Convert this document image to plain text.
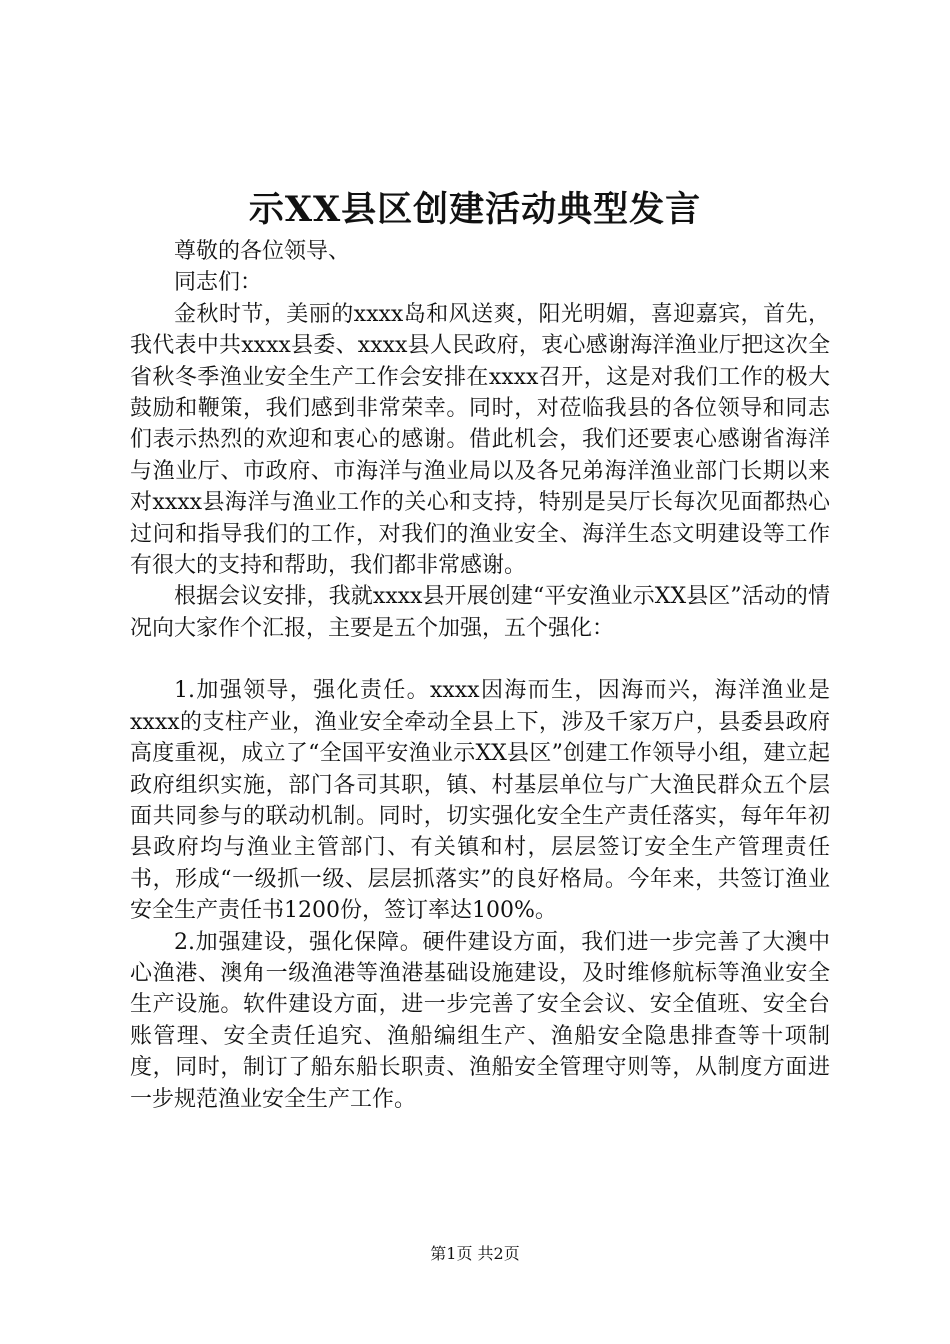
示XX县区创建活动典型发言

尊敬的各位领导、

同志们：

金秋时节，美丽的xxxx岛和风送爽，阳光明媚，喜迎嘉宾，首先，我代表中共xxxx县委、xxxx县人民政府，衷心感谢海洋渔业厅把这次全省秋冬季渔业安全生产工作会安排在xxxx召开，这是对我们工作的极大鼓励和鞭策，我们感到非常荣幸。同时，对莅临我县的各位领导和同志们表示热烈的欢迎和衷心的感谢。借此机会，我们还要衷心感谢省海洋与渔业厅、市政府、市海洋与渔业局以及各兄弟海洋渔业部门长期以来对xxxx县海洋与渔业工作的关心和支持，特别是吴厅长每次见面都热心过问和指导我们的工作，对我们的渔业安全、海洋生态文明建设等工作有很大的支持和帮助，我们都非常感谢。

根据会议安排，我就xxxx县开展创建“平安渔业示XX县区”活动的情况向大家作个汇报，主要是五个加强，五个强化：

1.加强领导，强化责任。xxxx因海而生，因海而兴，海洋渔业是xxxx的支柱产业，渔业安全牵动全县上下，涉及千家万户，县委县政府高度重视，成立了“全国平安渔业示XX县区”创建工作领导小组，建立起政府组织实施，部门各司其职，镇、村基层单位与广大渔民群众五个层面共同参与的联动机制。同时，切实强化安全生产责任落实，每年年初县政府均与渔业主管部门、有关镇和村，层层签订安全生产管理责任书，形成“一级抓一级、层层抓落实”的良好格局。今年来，共签订渔业安全生产责任书1200份，签订率达100%。

2.加强建设，强化保障。硬件建设方面，我们进一步完善了大澳中心渔港、澳角一级渔港等渔港基础设施建设，及时维修航标等渔业安全生产设施。软件建设方面，进一步完善了安全会议、安全值班、安全台账管理、安全责任追究、渔船编组生产、渔船安全隐患排查等十项制度，同时，制订了船东船长职责、渔船安全管理守则等，从制度方面进一步规范渔业安全生产工作。

第1页 共2页
